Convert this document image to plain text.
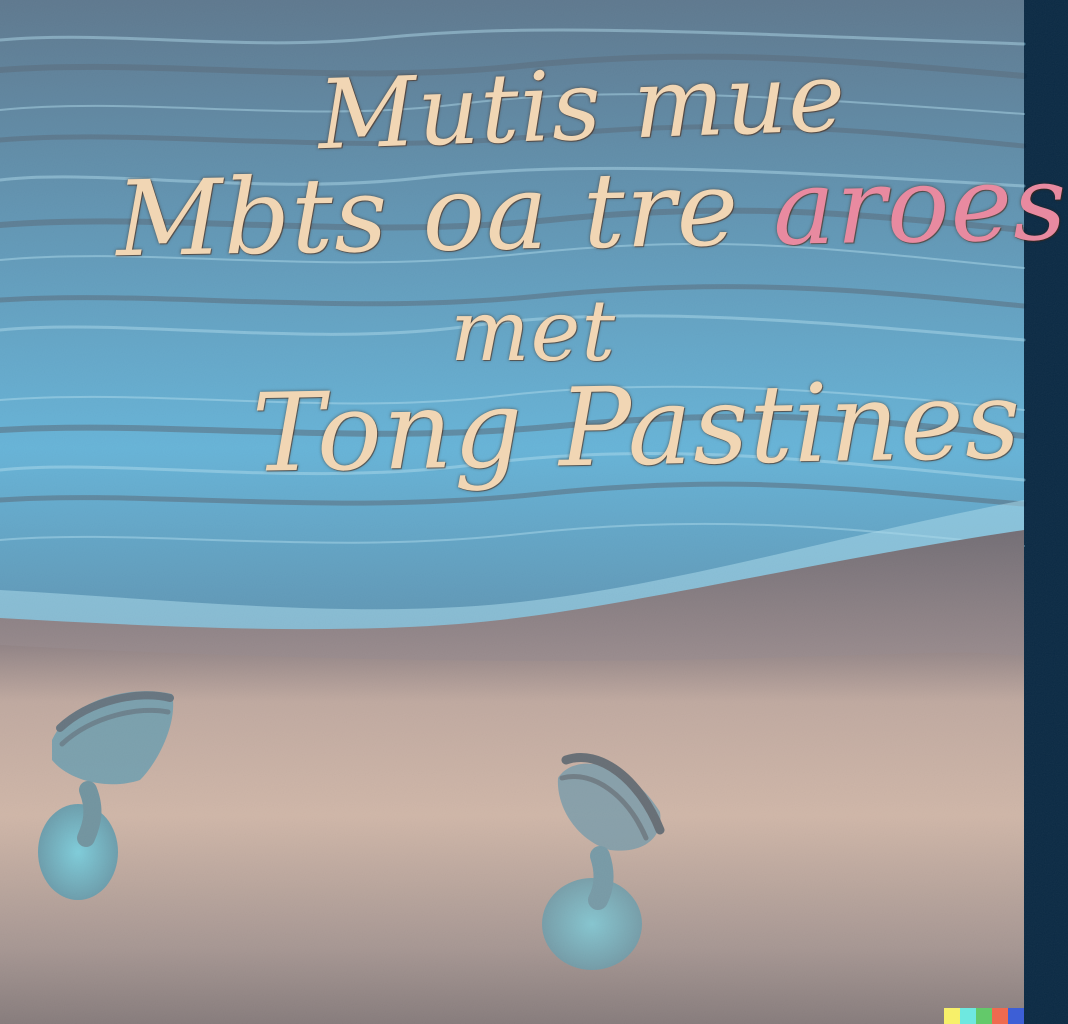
Mutis mue
Mbts oa tre aroes
met
Tong Pastines
